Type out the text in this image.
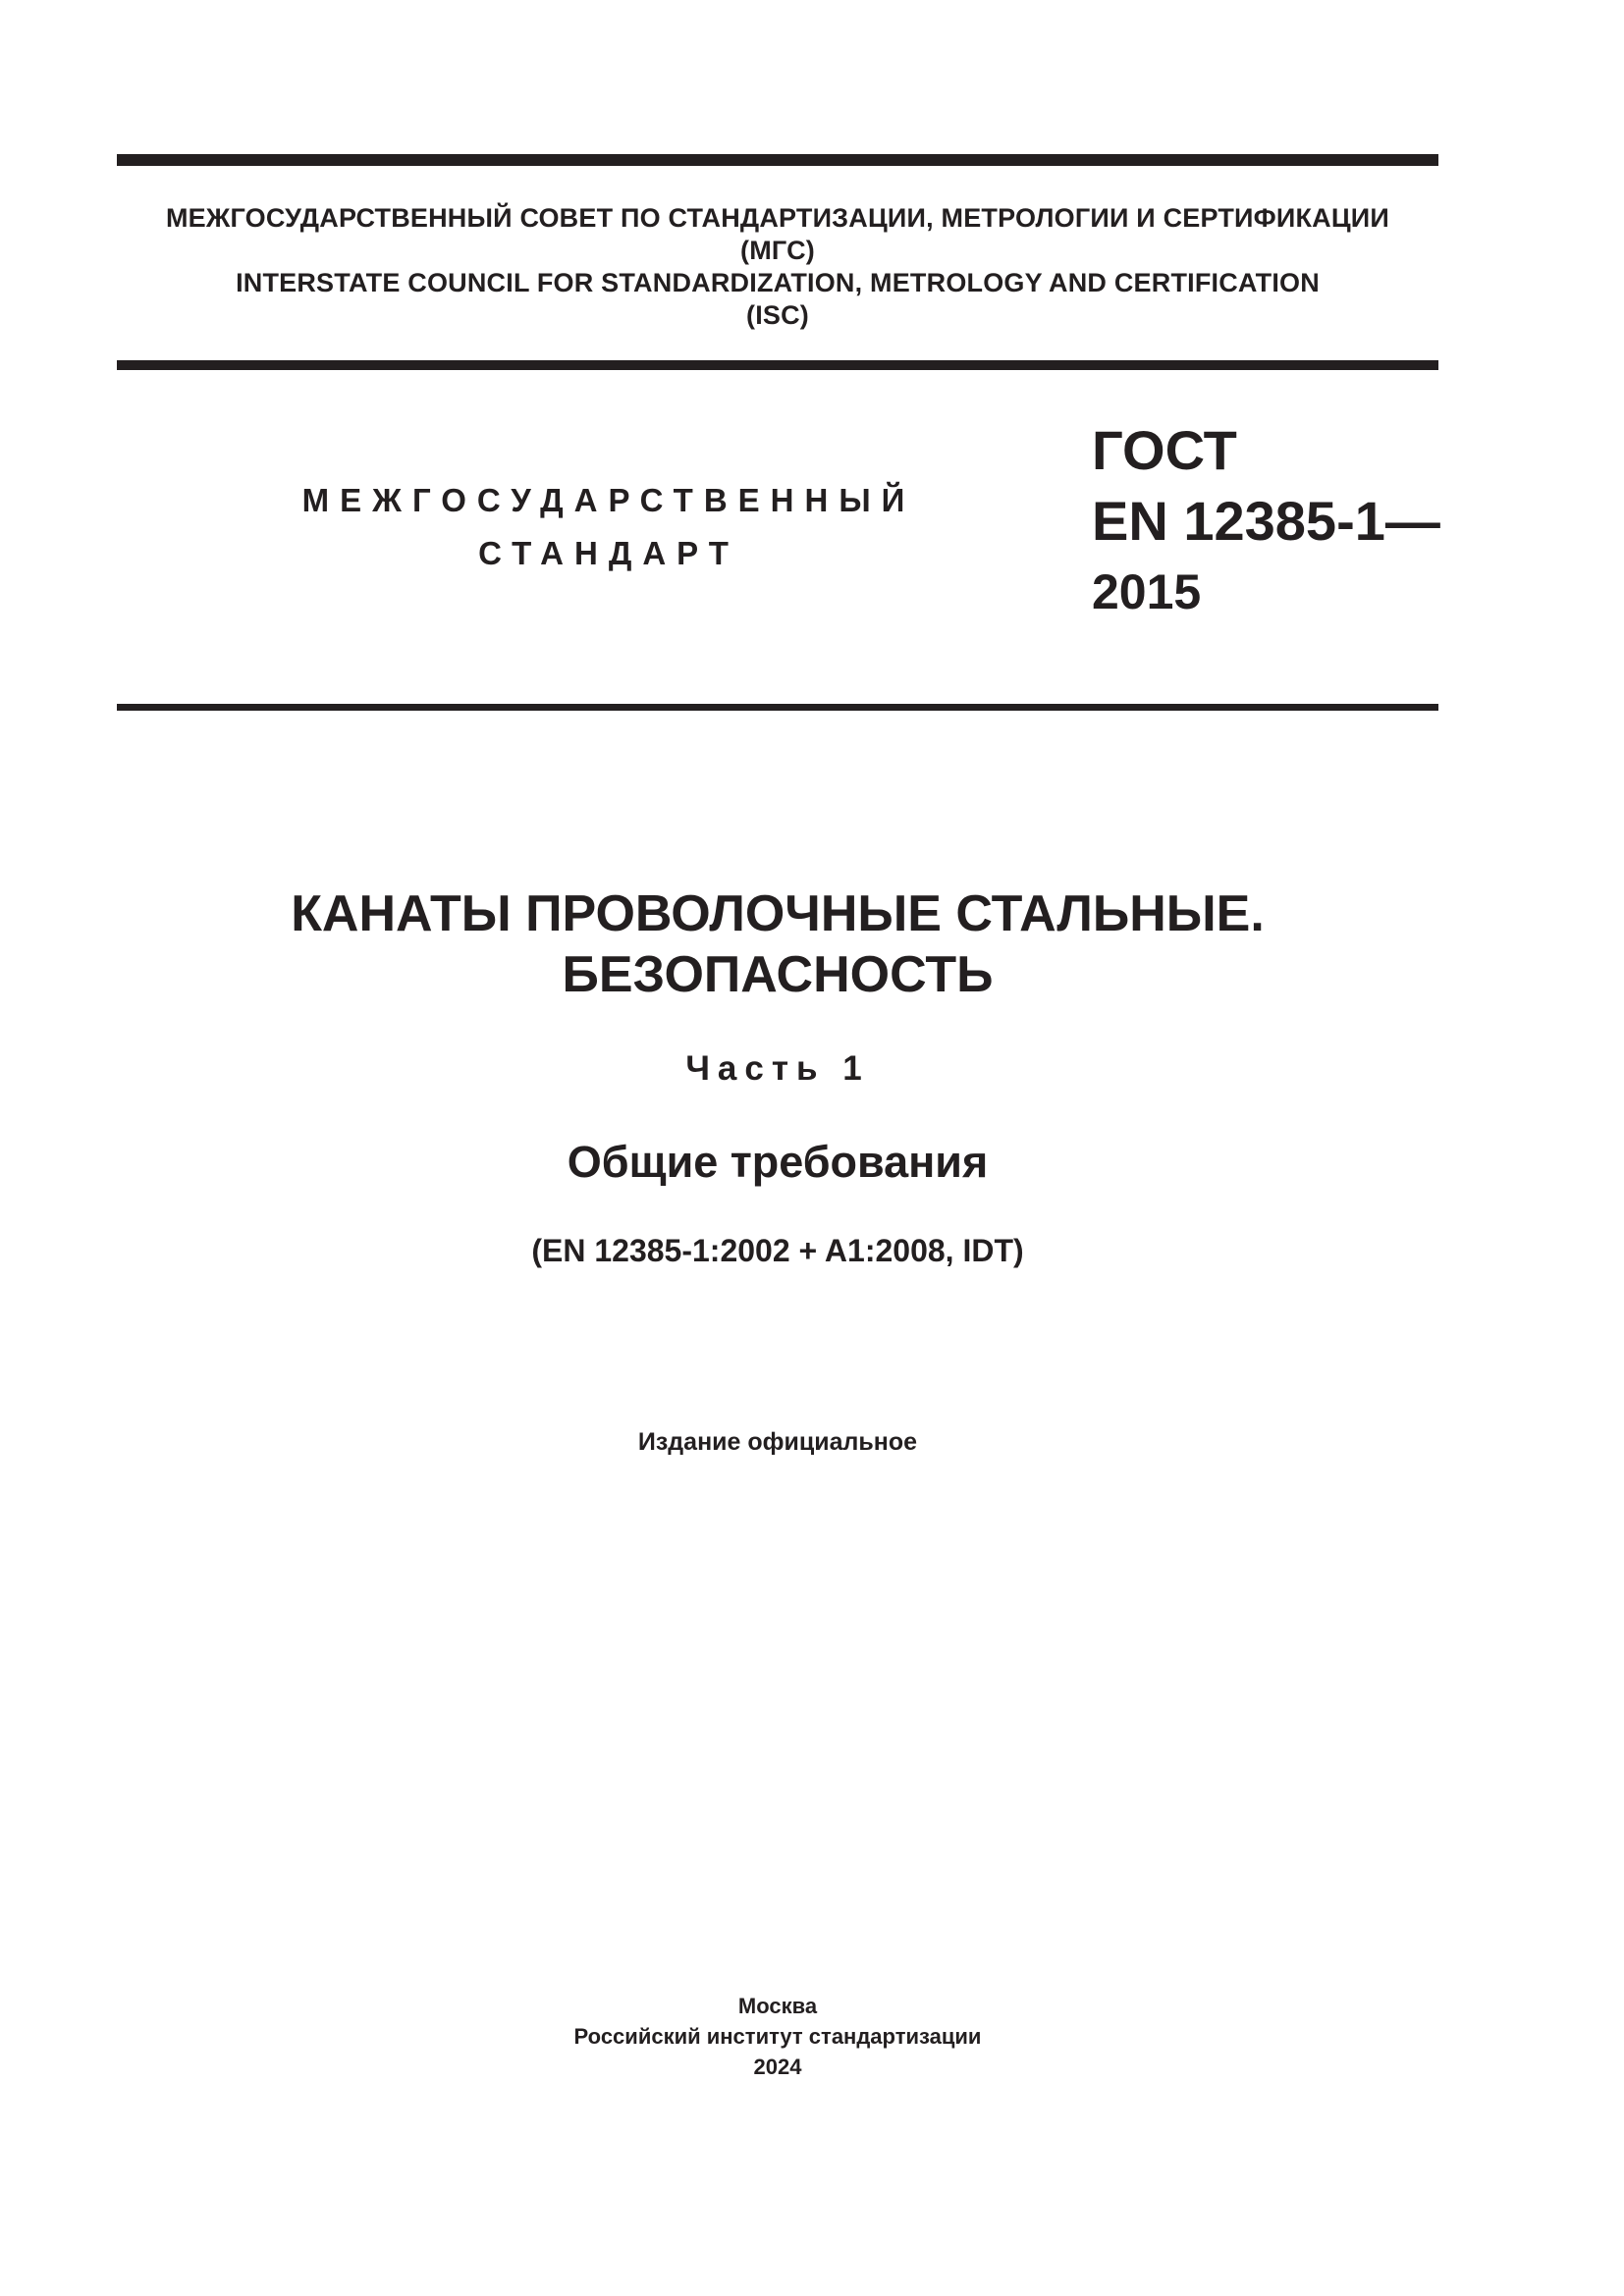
МЕЖГОСУДАРСТВЕННЫЙ СОВЕТ ПО СТАНДАРТИЗАЦИИ, МЕТРОЛОГИИ И СЕРТИФИКАЦИИ
(МГС)
INTERSTATE COUNCIL FOR STANDARDIZATION, METROLOGY AND CERTIFICATION
(ISC)
МЕЖГОСУДАРСТВЕННЫЙ
СТАНДАРТ
ГОСТ
EN 12385-1—
2015
КАНАТЫ ПРОВОЛОЧНЫЕ СТАЛЬНЫЕ.
БЕЗОПАСНОСТЬ
Часть 1
Общие требования
(EN 12385-1:2002 + A1:2008, IDT)
Издание официальное
Москва
Российский институт стандартизации
2024
